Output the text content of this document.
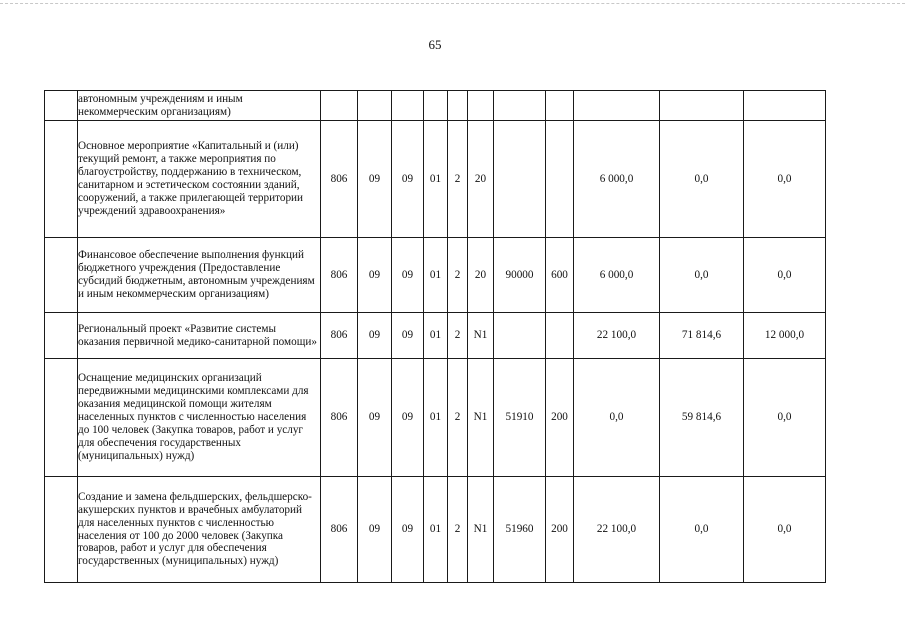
65
	автономным учреждениям и иным некоммерческим организациям)											
	Основное мероприятие «Капитальный и (или) текущий ремонт, а также мероприятия по благоустройству, поддержанию в техническом, санитарном и эстетическом состоянии зданий, сооружений, а также прилегающей территории учреждений здравоохранения»	806	09	09	01	2	20			6 000,0	0,0	0,0
	Финансовое обеспечение выполнения функций бюджетного учреждения (Предоставление субсидий бюджетным, автономным учреждениям и иным некоммерческим организациям)	806	09	09	01	2	20	90000	600	6 000,0	0,0	0,0
	Региональный проект «Развитие системы оказания первичной медико-санитарной помощи»	806	09	09	01	2	N1			22 100,0	71 814,6	12 000,0
	Оснащение медицинских организаций передвижными медицинскими комплексами для оказания медицинской помощи жителям населенных пунктов с численностью населения до 100 человек (Закупка товаров, работ и услуг для обеспечения государственных (муниципальных) нужд)	806	09	09	01	2	N1	51910	200	0,0	59 814,6	0,0
	Создание и замена фельдшерских, фельдшерско-акушерских пунктов и врачебных амбулаторий для населенных пунктов с численностью населения от 100 до 2000 человек (Закупка товаров, работ и услуг для обеспечения государственных (муниципальных) нужд)	806	09	09	01	2	N1	51960	200	22 100,0	0,0	0,0
